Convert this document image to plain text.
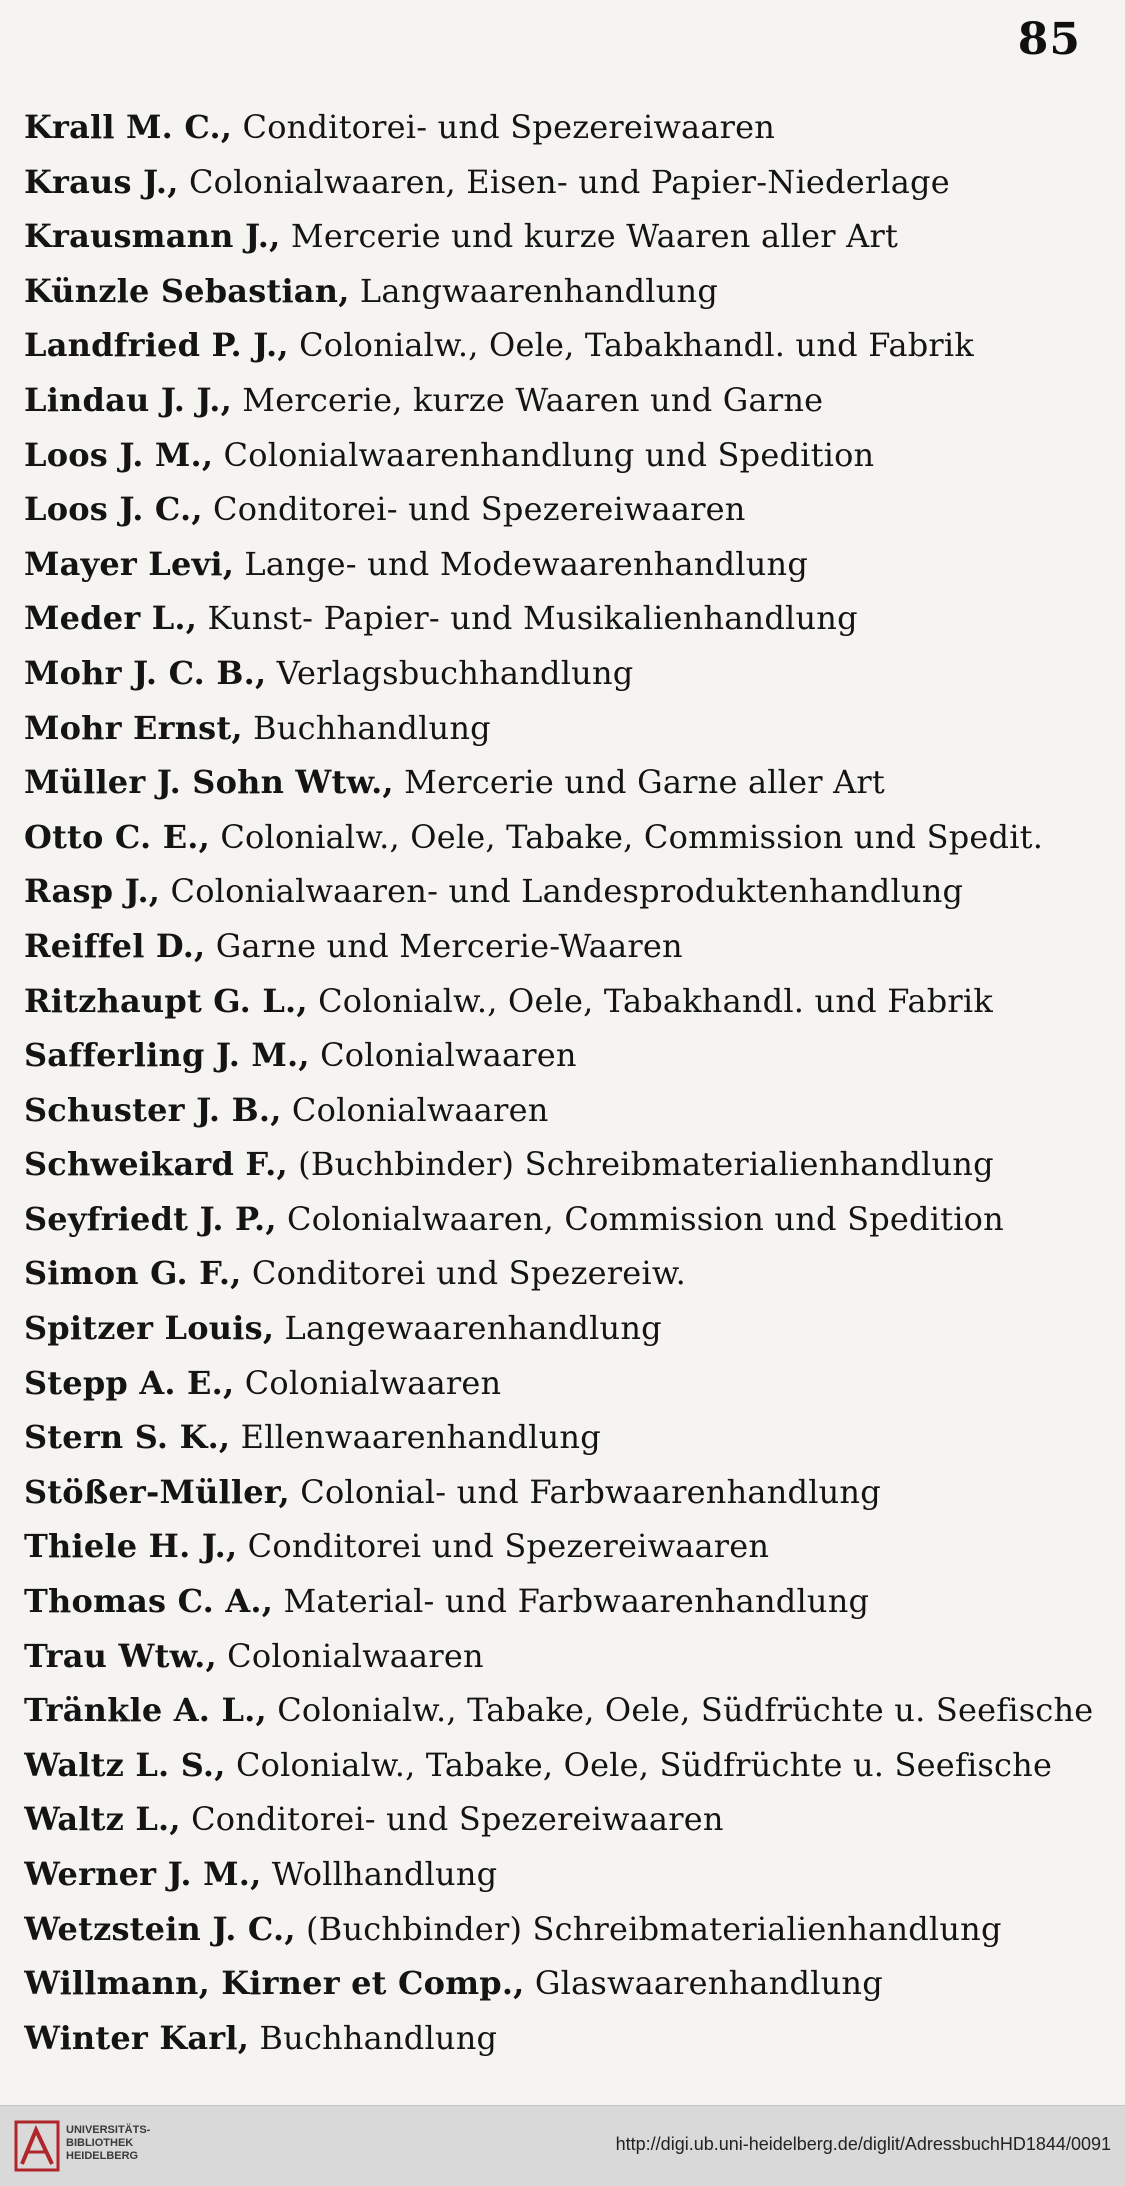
85
Krall M. C., Conditorei- und Spezereiwaaren
Kraus J., Colonialwaaren, Eisen- und Papier-Niederlage
Krausmann J., Mercerie und kurze Waaren aller Art
Künzle Sebastian, Langwaarenhandlung
Landfried P. J., Colonialw., Oele, Tabakhandl. und Fabrik
Lindau J. J., Mercerie, kurze Waaren und Garne
Loos J. M., Colonialwaarenhandlung und Spedition
Loos J. C., Conditorei- und Spezereiwaaren
Mayer Levi, Lange- und Modewaarenhandlung
Meder L., Kunst- Papier- und Musikalienhandlung
Mohr J. C. B., Verlagsbuchhandlung
Mohr Ernst, Buchhandlung
Müller J. Sohn Wtw., Mercerie und Garne aller Art
Otto C. E., Colonialw., Oele, Tabake, Commission und Spedit.
Rasp J., Colonialwaaren- und Landesproduktenhandlung
Reiffel D., Garne und Mercerie-Waaren
Ritzhaupt G. L., Colonialw., Oele, Tabakhandl. und Fabrik
Safferling J. M., Colonialwaaren
Schuster J. B., Colonialwaaren
Schweikard F., (Buchbinder) Schreibmaterialienhandlung
Seyfriedt J. P., Colonialwaaren, Commission und Spedition
Simon G. F., Conditorei und Spezereiw.
Spitzer Louis, Langewaarenhandlung
Stepp A. E., Colonialwaaren
Stern S. K., Ellenwaarenhandlung
Stößer-Müller, Colonial- und Farbwaarenhandlung
Thiele H. J., Conditorei und Spezereiwaaren
Thomas C. A., Material- und Farbwaarenhandlung
Trau Wtw., Colonialwaaren
Tränkle A. L., Colonialw., Tabake, Oele, Südfrüchte u. Seefische
Waltz L. S., Colonialw., Tabake, Oele, Südfrüchte u. Seefische
Waltz L., Conditorei- und Spezereiwaaren
Werner J. M., Wollhandlung
Wetzstein J. C., (Buchbinder) Schreibmaterialienhandlung
Willmann, Kirner et Comp., Glaswaarenhandlung
Winter Karl, Buchhandlung
UNIVERSITÄTS-
BIBLIOTHEK
HEIDELBERG
http://digi.ub.uni-heidelberg.de/diglit/AdressbuchHD1844/0091
